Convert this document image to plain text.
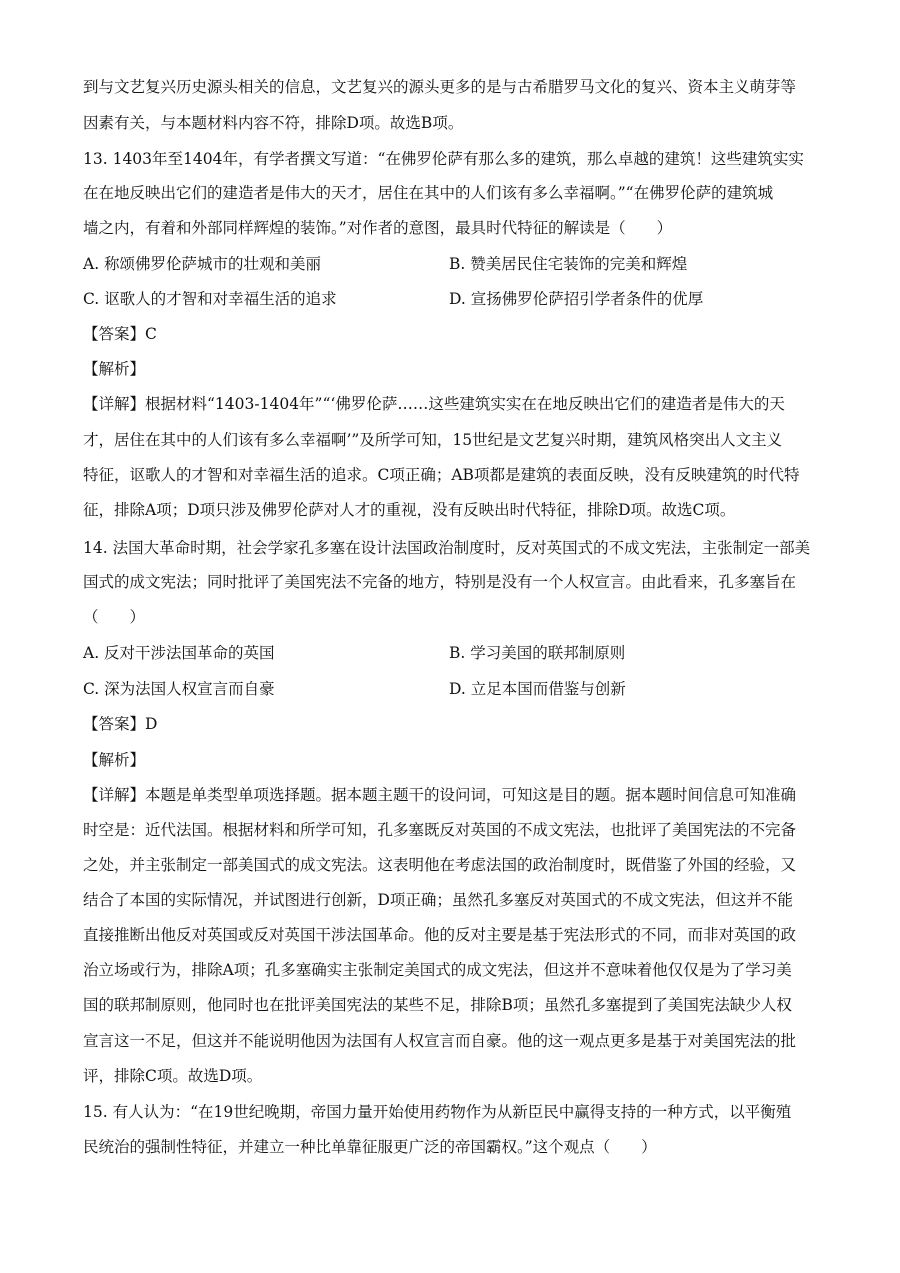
到与文艺复兴历史源头相关的信息，文艺复兴的源头更多的是与古希腊罗马文化的复兴、资本主义萌芽等
因素有关，与本题材料内容不符，排除D项。故选B项。
13. 1403年至1404年，有学者撰文写道：“在佛罗伦萨有那么多的建筑，那么卓越的建筑！这些建筑实实
在在地反映出它们的建造者是伟大的天才，居住在其中的人们该有多么幸福啊。”“在佛罗伦萨的建筑城
墙之内，有着和外部同样辉煌的装饰。”对作者的意图，最具时代特征的解读是（　　）
A. 称颂佛罗伦萨城市的壮观和美丽	B. 赞美居民住宅装饰的完美和辉煌
C. 讴歌人的才智和对幸福生活的追求	D. 宣扬佛罗伦萨招引学者条件的优厚
【答案】C
【解析】
【详解】根据材料“1403-1404年”“‘佛罗伦萨……这些建筑实实在在地反映出它们的建造者是伟大的天
才，居住在其中的人们该有多么幸福啊’”及所学可知，15世纪是文艺复兴时期，建筑风格突出人文主义
特征，讴歌人的才智和对幸福生活的追求。C项正确；AB项都是建筑的表面反映，没有反映建筑的时代特
征，排除A项；D项只涉及佛罗伦萨对人才的重视，没有反映出时代特征，排除D项。故选C项。
14. 法国大革命时期，社会学家孔多塞在设计法国政治制度时，反对英国式的不成文宪法，主张制定一部美
国式的成文宪法；同时批评了美国宪法不完备的地方，特别是没有一个人权宣言。由此看来，孔多塞旨在
（　　）
A. 反对干涉法国革命的英国	B. 学习美国的联邦制原则
C. 深为法国人权宣言而自豪	D. 立足本国而借鉴与创新
【答案】D
【解析】
【详解】本题是单类型单项选择题。据本题主题干的设问词，可知这是目的题。据本题时间信息可知准确
时空是：近代法国。根据材料和所学可知，孔多塞既反对英国的不成文宪法，也批评了美国宪法的不完备
之处，并主张制定一部美国式的成文宪法。这表明他在考虑法国的政治制度时，既借鉴了外国的经验，又
结合了本国的实际情况，并试图进行创新，D项正确；虽然孔多塞反对英国式的不成文宪法，但这并不能
直接推断出他反对英国或反对英国干涉法国革命。他的反对主要是基于宪法形式的不同，而非对英国的政
治立场或行为，排除A项；孔多塞确实主张制定美国式的成文宪法，但这并不意味着他仅仅是为了学习美
国的联邦制原则，他同时也在批评美国宪法的某些不足，排除B项；虽然孔多塞提到了美国宪法缺少人权
宣言这一不足，但这并不能说明他因为法国有人权宣言而自豪。他的这一观点更多是基于对美国宪法的批
评，排除C项。故选D项。
15. 有人认为：“在19世纪晚期，帝国力量开始使用药物作为从新臣民中赢得支持的一种方式，以平衡殖
民统治的强制性特征，并建立一种比单靠征服更广泛的帝国霸权。”这个观点（　　）
